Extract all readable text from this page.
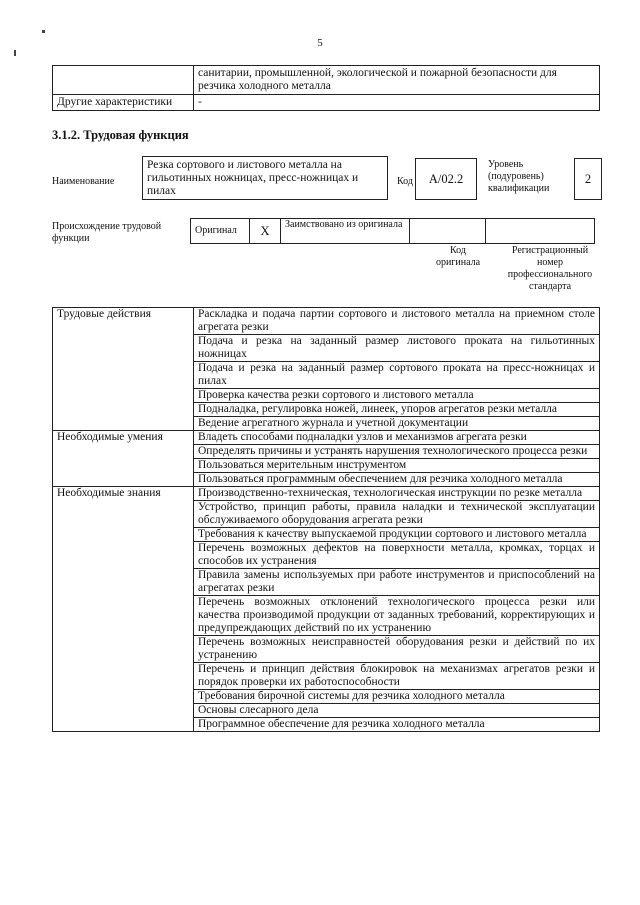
5
	санитарии, промышленной, экологической и пожарной безопасности для резчика холодного металла
Другие характеристики	-
3.1.2. Трудовая функция
Наименование
Резка сортового и листового металла на гильотинных ножницах, пресс-ножницах и пилах
Код	A/02.2
Уровень (подуровень) квалификации
2
Происхождение трудовой функции
Оригинал	X	Заимствовано из оригинала		
Код оригинала
Регистрационный номер профессионального стандарта
Трудовые действия	Раскладка и подача партии сортового и листового металла на приемном столе агрегата резки
	Подача и резка на заданный размер листового проката на гильотинных ножницах
	Подача и резка на заданный размер сортового проката на пресс-ножницах и пилах
	Проверка качества резки сортового и листового металла
	Подналадка, регулировка ножей, линеек, упоров агрегатов резки металла
	Ведение агрегатного журнала и учетной документации
Необходимые умения	Владеть способами подналадки узлов и механизмов агрегата резки
	Определять причины и устранять нарушения технологического процесса резки
	Пользоваться мерительным инструментом
	Пользоваться программным обеспечением для резчика холодного металла
Необходимые знания	Производственно-техническая, технологическая инструкции по резке металла
	Устройство, принцип работы, правила наладки и технической эксплуатации обслуживаемого оборудования агрегата резки
	Требования к качеству выпускаемой продукции сортового и листового металла
	Перечень возможных дефектов на поверхности металла, кромках, торцах и способов их устранения
	Правила замены используемых при работе инструментов и приспособлений на агрегатах резки
	Перечень возможных отклонений технологического процесса резки или качества производимой продукции от заданных требований, корректирующих и предупреждающих действий по их устранению
	Перечень возможных неисправностей оборудования резки и действий по их устранению
	Перечень и принцип действия блокировок на механизмах агрегатов резки и порядок проверки их работоспособности
	Требования бирочной системы для резчика холодного металла
	Основы слесарного дела
	Программное обеспечение для резчика холодного металла
